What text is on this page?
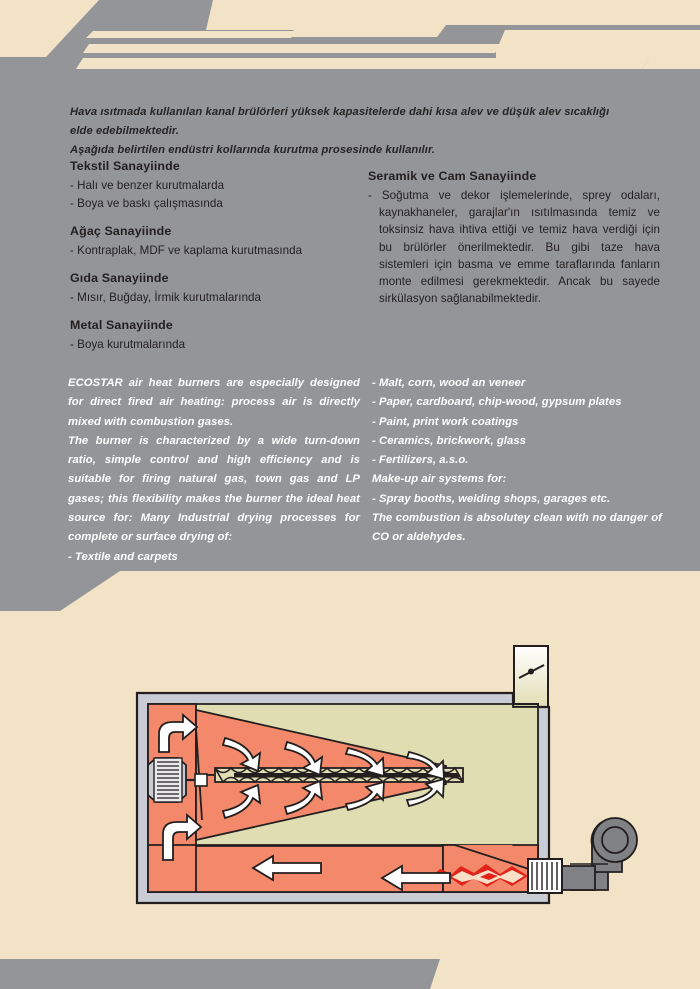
Hava ısıtmada kullanılan kanal brülörleri yüksek kapasitelerde dahi kısa alev ve düşük alev sıcaklığı elde edebilmektedir.
Aşağıda belirtilen endüstri kollarında kurutma prosesinde kullanılır.
Tekstil Sanayiinde
- Halı ve benzer kurutmalarda
- Boya ve baskı çalışmasında
Ağaç Sanayiinde
- Kontraplak, MDF ve kaplama kurutmasında
Gıda Sanayiinde
- Mısır, Buğday, İrmik kurutmalarında
Metal Sanayiinde
- Boya kurutmalarında
Seramik ve Cam Sanayiinde
- Soğutma ve dekor işlemelerinde, sprey odaları, kaynakhaneler, garajlar'ın ısıtılmasında temiz ve toksinsiz hava ihtiva ettiği ve temiz hava verdiği için bu brülörler önerilmektedir. Bu gibi taze hava sistemleri için basma ve emme taraflarında fanların monte edilmesi gerekmektedir. Ancak bu sayede sirkülasyon sağlanabilmektedir.

ECOSTAR air heat burners are especially designed for direct fired air heating: process air is directly mixed with combustion gases.

The burner is characterized by a wide turn-down ratio, simple control and high efficiency and is suitable for firing natural gas, town gas and LP gases; this flexibility makes the burner the ideal heat source for: Many Industrial drying processes for complete or surface drying of:

- Textile and carpets

- Malt, corn, wood an veneer

- Paper, cardboard, chip-wood, gypsum plates

- Paint, print work coatings

- Ceramics, brickwork, glass

- Fertilizers, a.s.o.

Make-up air systems for:

- Spray booths, welding shops, garages etc.

The combustion is absolutey clean with no danger of CO or aldehydes.
